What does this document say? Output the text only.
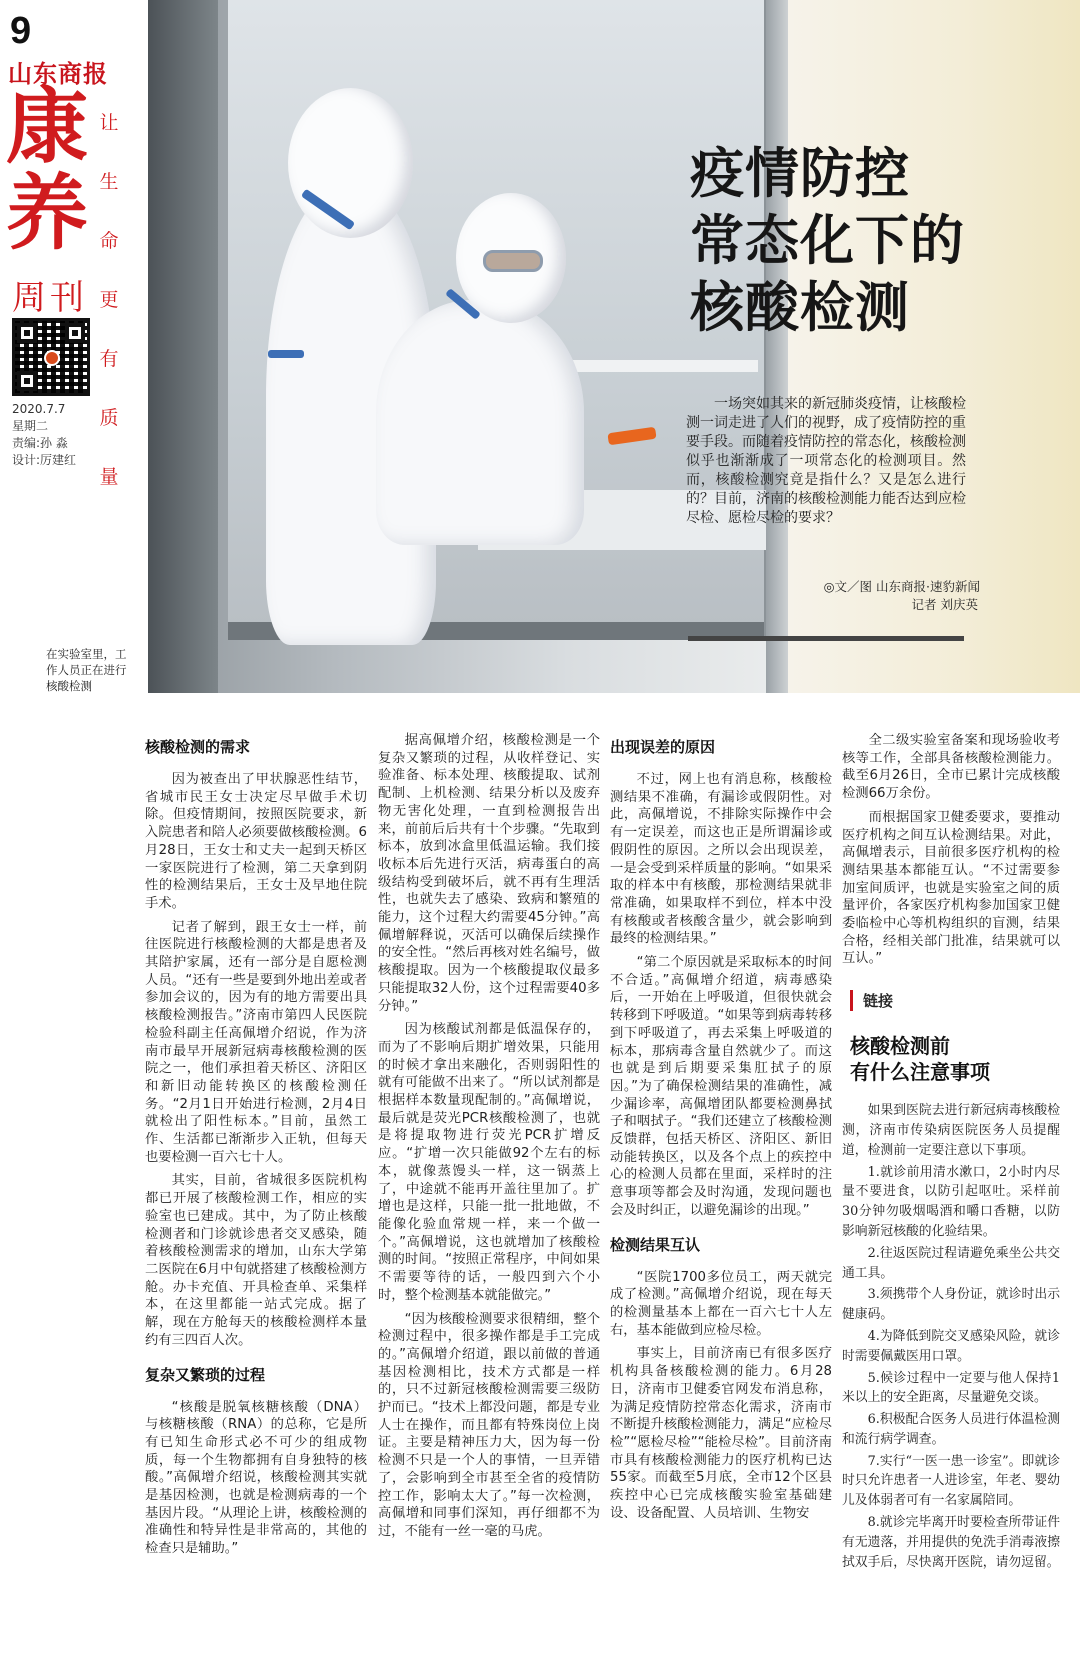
9
山东商报
康
养
周刊
让
生
命
更
有
质
量
2020.7.7
星期二
责编:孙 淼
设计:厉建红
疫情防控
常态化下的
核酸检测
一场突如其来的新冠肺炎疫情，让核酸检测一词走进了人们的视野，成了疫情防控的重要手段。而随着疫情防控的常态化，核酸检测似乎也渐渐成了一项常态化的检测项目。然而，核酸检测究竟是指什么？又是怎么进行的？目前，济南的核酸检测能力能否达到应检尽检、愿检尽检的要求？
◎文／图 山东商报·速豹新闻
记者 刘庆英
在实验室里，工作人员正在进行核酸检测
核酸检测的需求

因为被查出了甲状腺恶性结节，省城市民王女士决定尽早做手术切除。但疫情期间，按照医院要求，新入院患者和陪人必须要做核酸检测。6月28日，王女士和丈夫一起到天桥区一家医院进行了检测，第二天拿到阴性的检测结果后，王女士及早地住院手术。

记者了解到，跟王女士一样，前往医院进行核酸检测的大都是患者及其陪护家属，还有一部分是自愿检测人员。“还有一些是要到外地出差或者参加会议的，因为有的地方需要出具核酸检测报告。”济南市第四人民医院检验科副主任高佩增介绍说，作为济南市最早开展新冠病毒核酸检测的医院之一，他们承担着天桥区、济阳区和新旧动能转换区的核酸检测任务。“2月1日开始进行检测，2月4日就检出了阳性标本。”目前，虽然工作、生活都已渐渐步入正轨，但每天也要检测一百六七十人。

其实，目前，省城很多医院机构都已开展了核酸检测工作，相应的实验室也已建成。其中，为了防止核酸检测者和门诊就诊患者交叉感染，随着核酸检测需求的增加，山东大学第二医院在6月中旬就搭建了核酸检测方舱。办卡充值、开具检查单、采集样本，在这里都能一站式完成。据了解，现在方舱每天的核酸检测样本量约有三四百人次。

复杂又繁琐的过程

“核酸是脱氧核糖核酸（DNA）与核糖核酸（RNA）的总称，它是所有已知生命形式必不可少的组成物质，每一个生物都拥有自身独特的核酸。”高佩增介绍说，核酸检测其实就是基因检测，也就是检测病毒的一个基因片段。“从理论上讲，核酸检测的准确性和特异性是非常高的，其他的检查只是辅助。”

据高佩增介绍，核酸检测是一个复杂又繁琐的过程，从收样登记、实验准备、标本处理、核酸提取、试剂配制、上机检测、结果分析以及废弃物无害化处理，一直到检测报告出来，前前后后共有十个步骤。“先取到标本，放到冰盒里低温运输。我们接收标本后先进行灭活，病毒蛋白的高级结构受到破坏后，就不再有生理活性，也就失去了感染、致病和繁殖的能力，这个过程大约需要45分钟。”高佩增解释说，灭活可以确保后续操作的安全性。“然后再核对姓名编号，做核酸提取。因为一个核酸提取仪最多只能提取32人份，这个过程需要40多分钟。”

因为核酸试剂都是低温保存的，而为了不影响后期扩增效果，只能用的时候才拿出来融化，否则弱阳性的就有可能做不出来了。“所以试剂都是根据样本数量现配制的。”高佩增说，最后就是荧光PCR核酸检测了，也就是将提取物进行荧光PCR扩增反应。“扩增一次只能做92个左右的标本，就像蒸馒头一样，这一锅蒸上了，中途就不能再开盖往里加了。扩增也是这样，只能一批一批地做，不能像化验血常规一样，来一个做一个。”高佩增说，这也就增加了核酸检测的时间。“按照正常程序，中间如果不需要等待的话，一般四到六个小时，整个检测基本就能做完。”

“因为核酸检测要求很精细，整个检测过程中，很多操作都是手工完成的。”高佩增介绍道，跟以前做的普通基因检测相比，技术方式都是一样的，只不过新冠核酸检测需要三级防护而已。“技术上都没问题，都是专业人士在操作，而且都有特殊岗位上岗证。主要是精神压力大，因为每一份检测不只是一个人的事情，一旦弄错了，会影响到全市甚至全省的疫情防控工作，影响太大了。”每一次检测，高佩增和同事们深知，再仔细都不为过，不能有一丝一毫的马虎。

出现误差的原因

不过，网上也有消息称，核酸检测结果不准确，有漏诊或假阴性。对此，高佩增说，不排除实际操作中会有一定误差，而这也正是所谓漏诊或假阴性的原因。之所以会出现误差，一是会受到采样质量的影响。“如果采取的样本中有核酸，那检测结果就非常准确，如果取样不到位，样本中没有核酸或者核酸含量少，就会影响到最终的检测结果。”

“第二个原因就是采取标本的时间不合适。”高佩增介绍道，病毒感染后，一开始在上呼吸道，但很快就会转移到下呼吸道。“如果等到病毒转移到下呼吸道了，再去采集上呼吸道的标本，那病毒含量自然就少了。而这也就是到后期要采集肛拭子的原因。”为了确保检测结果的准确性，减少漏诊率，高佩增团队都要检测鼻拭子和咽拭子。“我们还建立了核酸检测反馈群，包括天桥区、济阳区、新旧动能转换区，以及各个点上的疾控中心的检测人员都在里面，采样时的注意事项等都会及时沟通，发现问题也会及时纠正，以避免漏诊的出现。”

检测结果互认

“医院1700多位员工，两天就完成了检测。”高佩增介绍说，现在每天的检测量基本上都在一百六七十人左右，基本能做到应检尽检。

事实上，目前济南已有很多医疗机构具备核酸检测的能力。6月28日，济南市卫健委官网发布消息称，为满足疫情防控常态化需求，济南市不断提升核酸检测能力，满足“应检尽检”“愿检尽检”“能检尽检”。目前济南市具有核酸检测能力的医疗机构已达55家。而截至5月底，全市12个区县疾控中心已完成核酸实验室基础建设、设备配置、人员培训、生物安

全二级实验室备案和现场验收考核等工作，全部具备核酸检测能力。截至6月26日，全市已累计完成核酸检测66万余份。

而根据国家卫健委要求，要推动医疗机构之间互认检测结果。对此，高佩增表示，目前很多医疗机构的检测结果基本都能互认。“不过需要参加室间质评，也就是实验室之间的质量评价，各家医疗机构参加国家卫健委临检中心等机构组织的盲测，结果合格，经相关部门批准，结果就可以互认。”

链接
核酸检测前
有什么注意事项

如果到医院去进行新冠病毒核酸检测，济南市传染病医院医务人员提醒道，检测前一定要注意以下事项。

1.就诊前用清水漱口，2小时内尽量不要进食，以防引起呕吐。采样前30分钟勿吸烟喝酒和嚼口香糖，以防影响新冠核酸的化验结果。

2.往返医院过程请避免乘坐公共交通工具。

3.须携带个人身份证，就诊时出示健康码。

4.为降低到院交叉感染风险，就诊时需要佩戴医用口罩。

5.候诊过程中一定要与他人保持1米以上的安全距离，尽量避免交谈。

6.积极配合医务人员进行体温检测和流行病学调查。

7.实行“一医一患一诊室”。即就诊时只允许患者一人进诊室，年老、婴幼儿及体弱者可有一名家属陪同。

8.就诊完毕离开时要检查所带证件有无遗落，并用提供的免洗手消毒液擦拭双手后，尽快离开医院，请勿逗留。
